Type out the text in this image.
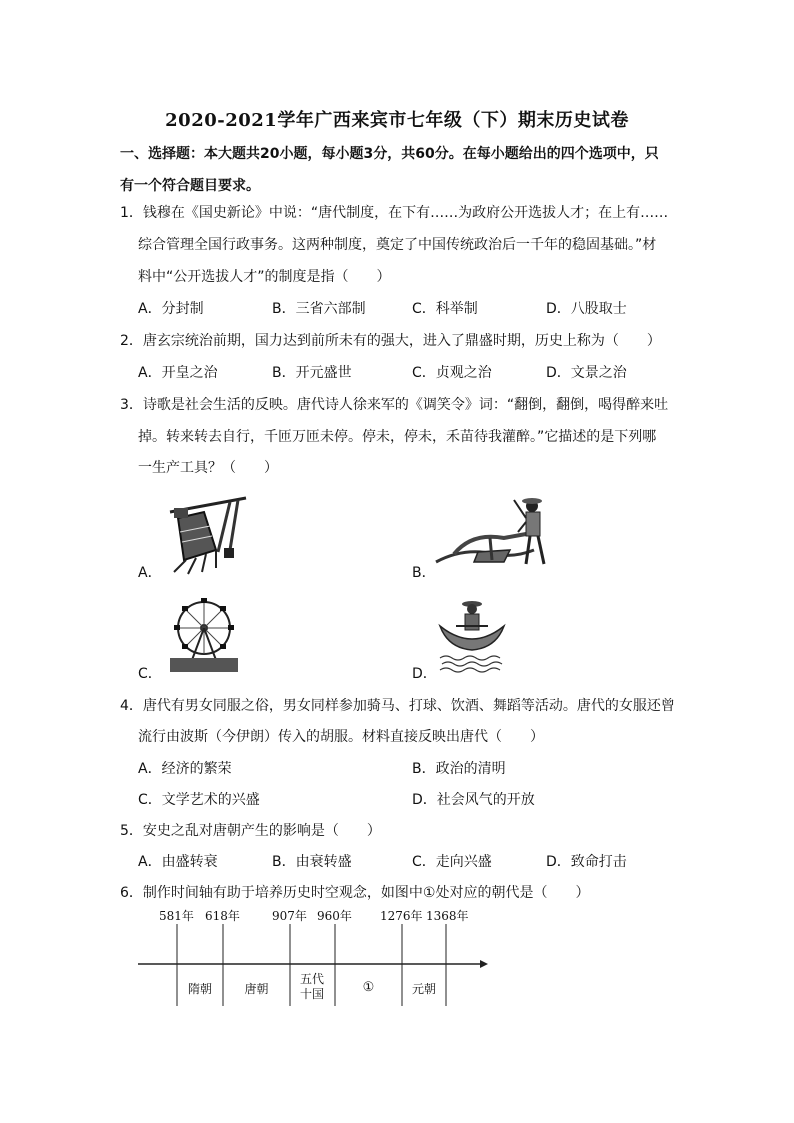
2020-2021学年广西来宾市七年级（下）期末历史试卷
一、选择题：本大题共20小题，每小题3分，共60分。在每小题给出的四个选项中，只
有一个符合题目要求。
1．钱穆在《国史新论》中说：“唐代制度，在下有……为政府公开选拔人才；在上有……
综合管理全国行政事务。这两种制度，奠定了中国传统政治后一千年的稳固基础。”材
料中“公开选拔人才”的制度是指（　　）
A．分封制	B．三省六部制	C．科举制	D．八股取士
2．唐玄宗统治前期，国力达到前所未有的强大，进入了鼎盛时期，历史上称为（　　）
A．开皇之治	B．开元盛世	C．贞观之治	D．文景之治
3．诗歌是社会生活的反映。唐代诗人徐来军的《调笑令》词：“翻倒，翻倒，喝得醉来吐
掉。转来转去自行，千匝万匝未停。停未，停未，禾苗待我灌醉。”它描述的是下列哪
一生产工具？（　　）
A．	B．
C．	D．
4．唐代有男女同服之俗，男女同样参加骑马、打球、饮酒、舞蹈等活动。唐代的女服还曾
流行由波斯（今伊朗）传入的胡服。材料直接反映出唐代（　　）
A．经济的繁荣	B．政治的清明
C．文学艺术的兴盛	D．社会风气的开放
5．安史之乱对唐朝产生的影响是（　　）
A．由盛转衰	B．由衰转盛	C．走向兴盛	D．致命打击
6．制作时间轴有助于培养历史时空观念，如图中①处对应的朝代是（　　）
581年 618年	907年 960年 1276年 1368年
隋朝	唐朝
五代十国	①	元朝
